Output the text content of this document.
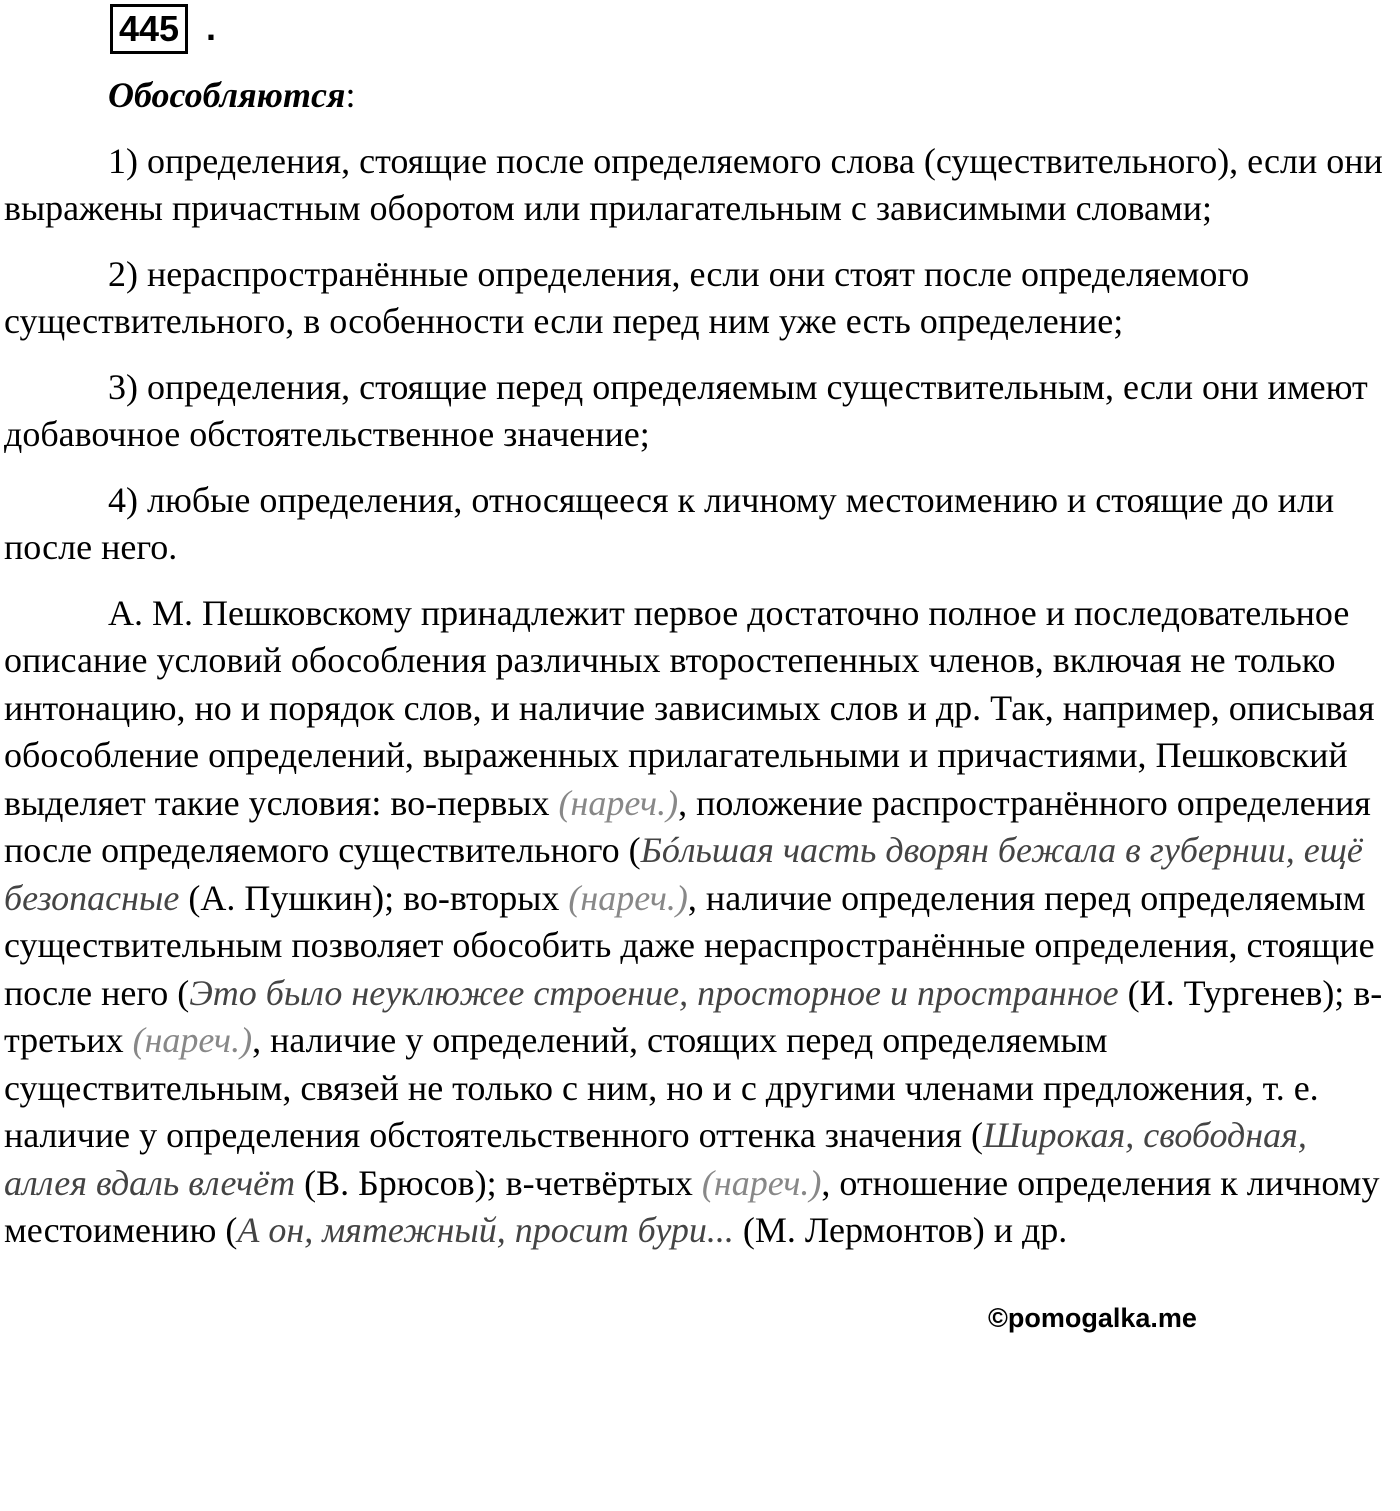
445 .

Обособляются:

1) определения, стоящие после определяемого слова (существительного), если они выражены причастным оборотом или прилагательным с зависимыми словами;

2) нераспространённые определения, если они стоят после определяемого существительного, в особенности если перед ним уже есть определение;

3) определения, стоящие перед определяемым существительным, если они имеют добавочное обстоятельственное значение;

4) любые определения, относящееся к личному местоимению и стоящие до или после него.

А. М. Пешковскому принадлежит первое достаточно полное и последовательное описание условий обособления различных второстепенных членов, включая не только интонацию, но и порядок слов, и наличие зависимых слов и др. Так, например, описывая обособление определений, выраженных прилагательными и причастиями, Пешковский выделяет такие условия: во-первых (нареч.), положение распространённого определения после определяемого существительного (Бóльшая часть дворян бежала в губернии, ещё безопасные (А. Пушкин); во-вторых (нареч.), наличие определения перед определяемым существительным позволяет обособить даже нераспространённые определения, стоящие после него (Это было неуклюжее строение, просторное и пространное (И. Тургенев); в-третьих (нареч.), наличие у определений, стоящих перед определяемым существительным, связей не только с ним, но и с другими членами предложения, т. е. наличие у определения обстоятельственного оттенка значения (Широкая, свободная, аллея вдаль влечёт (В. Брюсов); в-четвёртых (нареч.), отношение определения к личному местоимению (А он, мятежный, просит бури... (М. Лермонтов) и др.

©pomogalka.me
